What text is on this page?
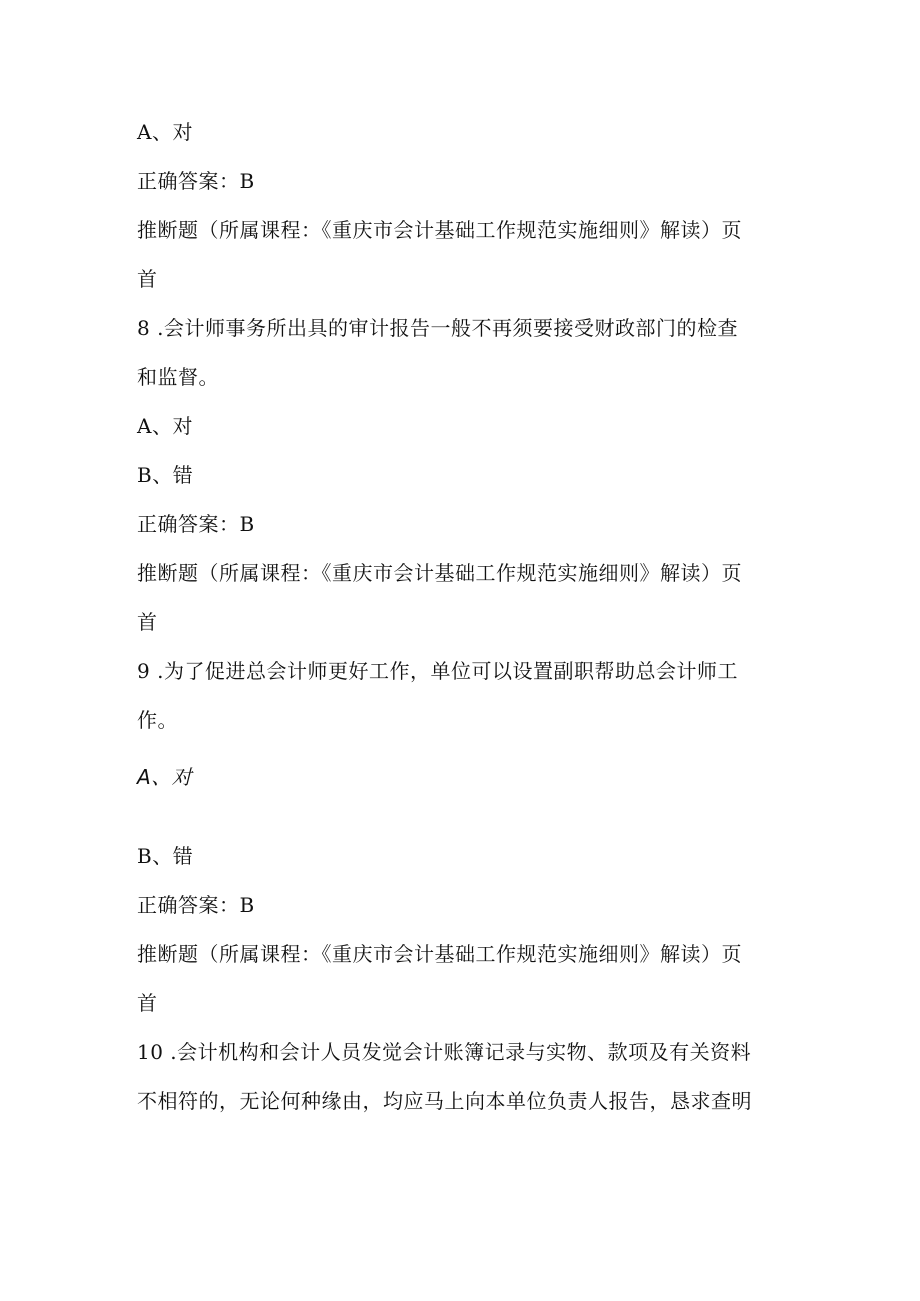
A、对
正确答案：B
推断题（所属课程：《重庆市会计基础工作规范实施细则》解读）页
首
8 .会计师事务所出具的审计报告一般不再须要接受财政部门的检查
和监督。
A、对
B、错
正确答案：B
推断题（所属课程：《重庆市会计基础工作规范实施细则》解读）页
首
9 .为了促进总会计师更好工作，单位可以设置副职帮助总会计师工
作。
A、对
B、错
正确答案：B
推断题（所属课程：《重庆市会计基础工作规范实施细则》解读）页
首
10 .会计机构和会计人员发觉会计账簿记录与实物、款项及有关资料
不相符的，无论何种缘由，均应马上向本单位负责人报告，恳求查明
